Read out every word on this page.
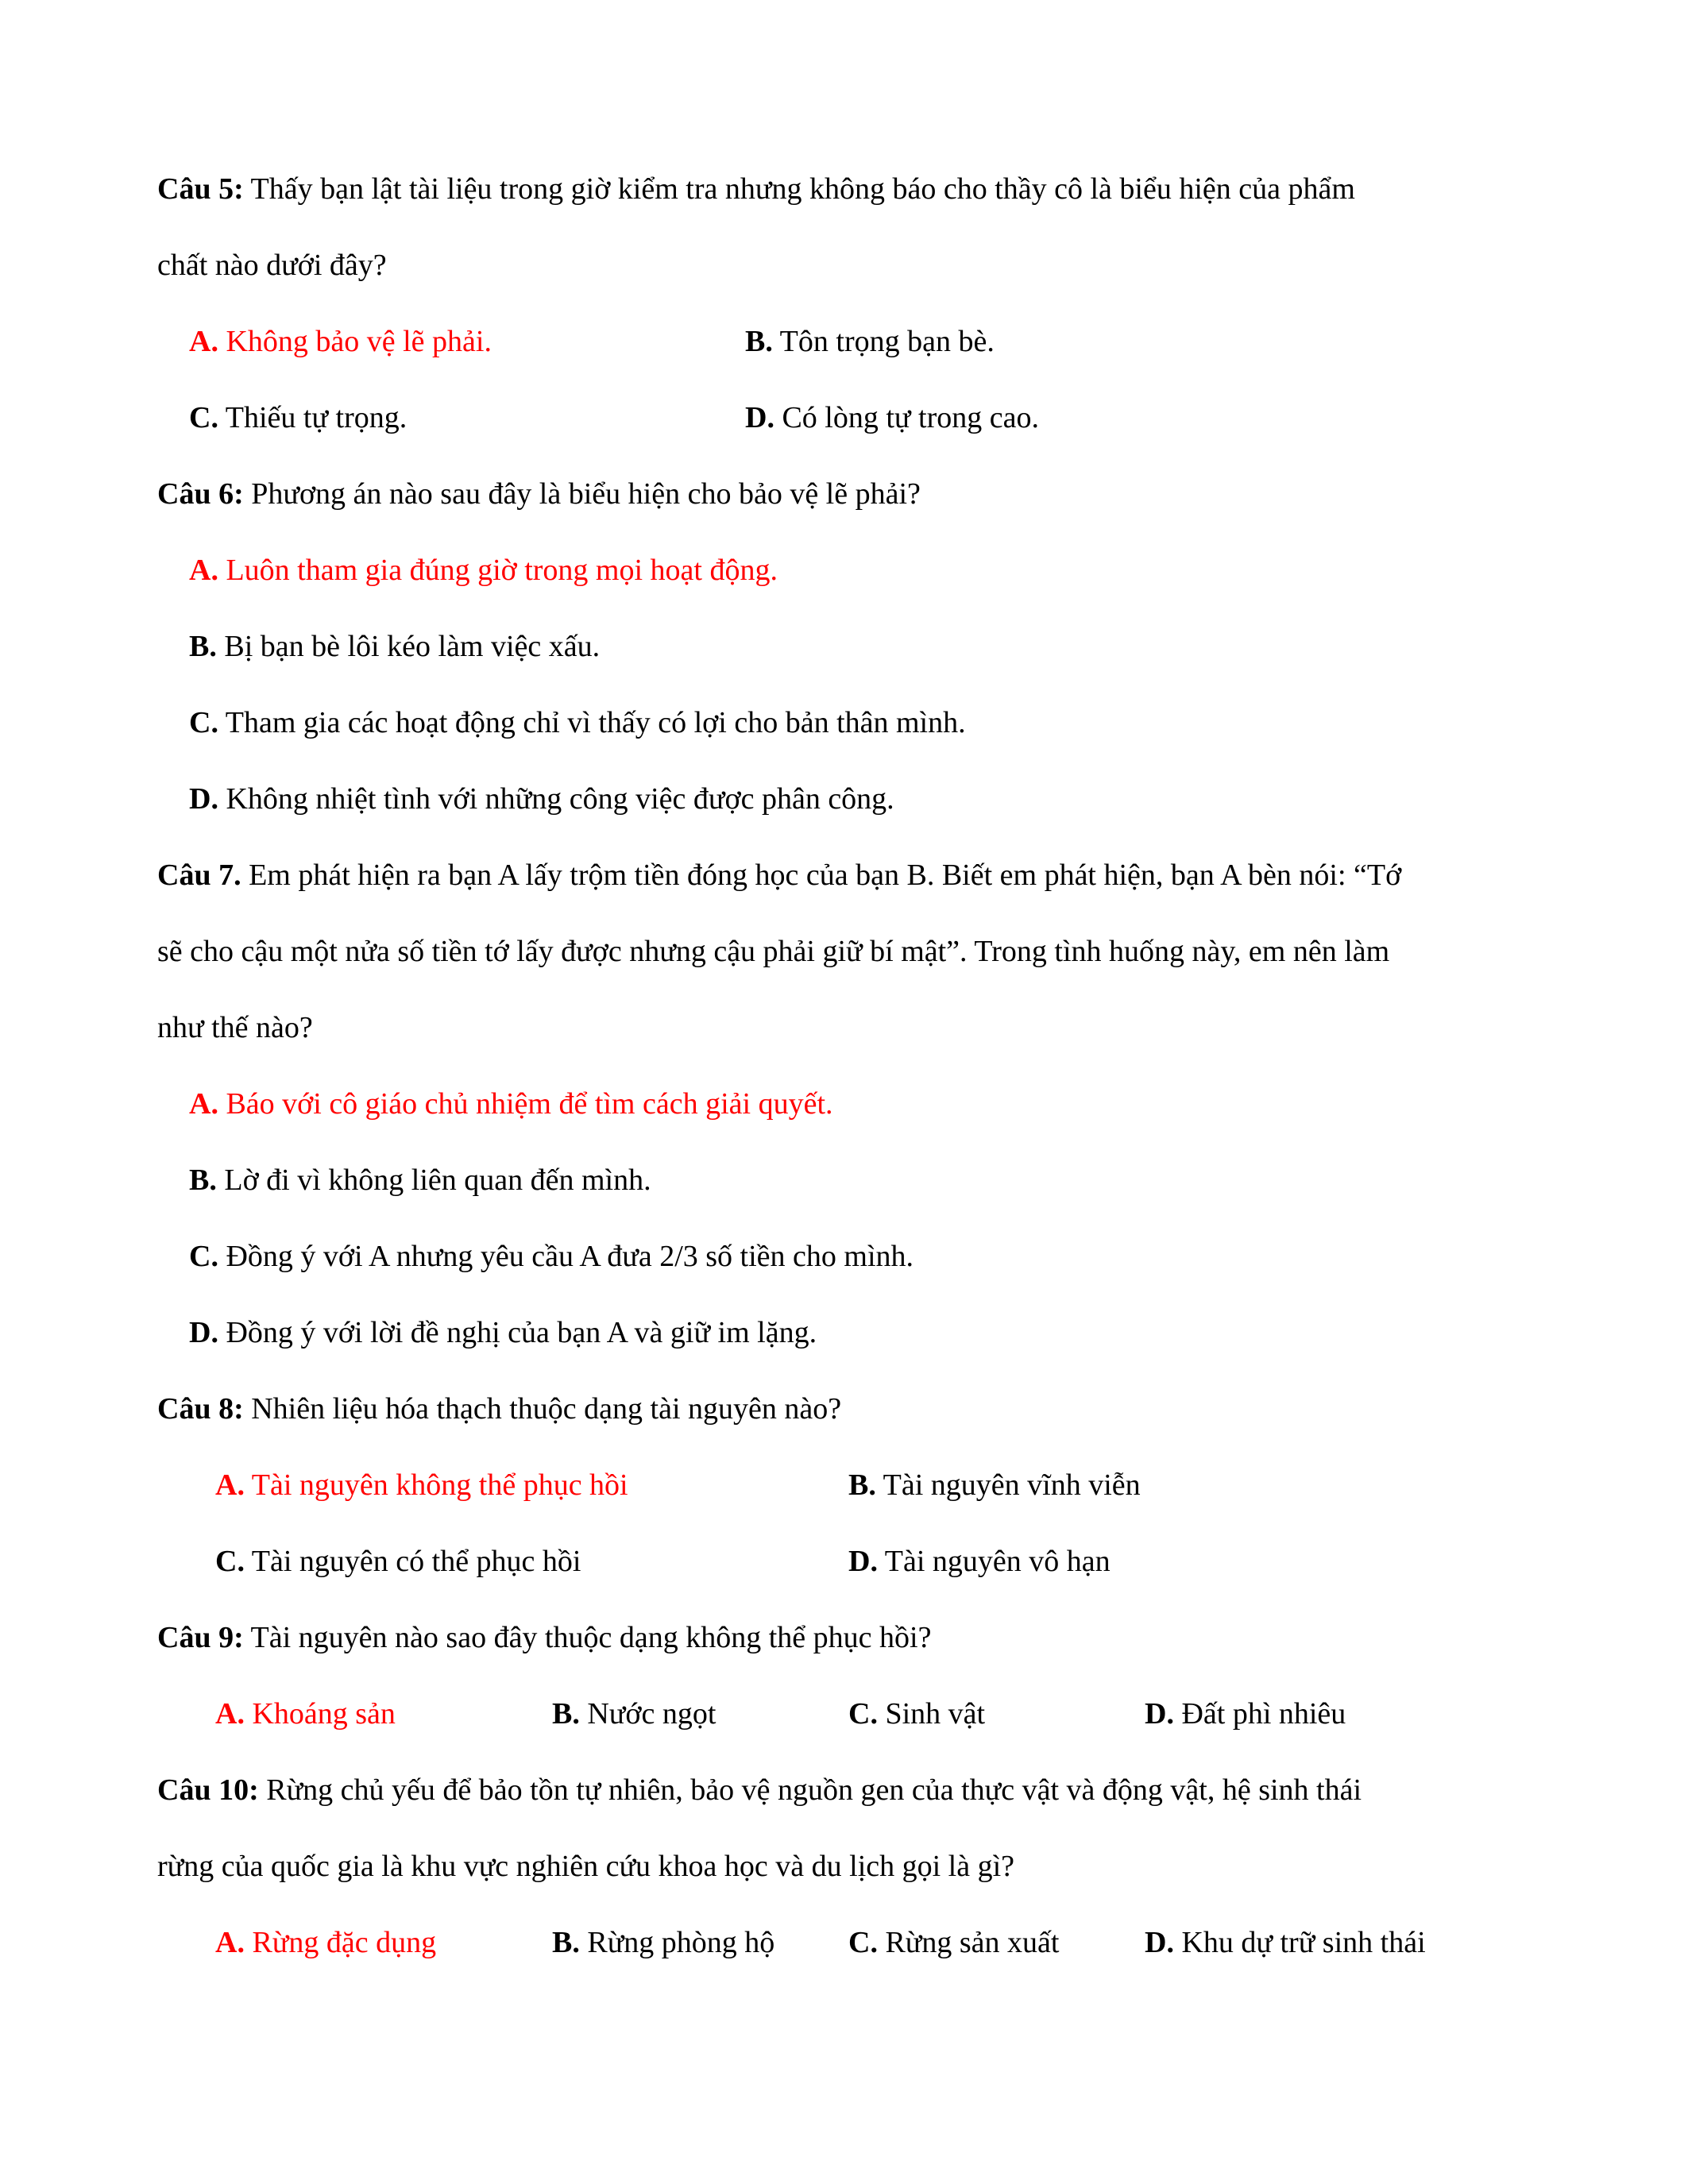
Câu 5: Thấy bạn lật tài liệu trong giờ kiểm tra nhưng không báo cho thầy cô là biểu hiện của phẩm
chất nào dưới đây?
A. Không bảo vệ lẽ phải.	B. Tôn trọng bạn bè.
C. Thiếu tự trọng.	D. Có lòng tự trong cao.
Câu 6: Phương án nào sau đây là biểu hiện cho bảo vệ lẽ phải?
A. Luôn tham gia đúng giờ trong mọi hoạt động.
B. Bị bạn bè lôi kéo làm việc xấu.
C. Tham gia các hoạt động chỉ vì thấy có lợi cho bản thân mình.
D. Không nhiệt tình với những công việc được phân công.
Câu 7. Em phát hiện ra bạn A lấy trộm tiền đóng học của bạn B. Biết em phát hiện, bạn A bèn nói: “Tớ
sẽ cho cậu một nửa số tiền tớ lấy được nhưng cậu phải giữ bí mật”. Trong tình huống này, em nên làm
như thế nào?
A. Báo với cô giáo chủ nhiệm để tìm cách giải quyết.
B. Lờ đi vì không liên quan đến mình.
C. Đồng ý với A nhưng yêu cầu A đưa 2/3 số tiền cho mình.
D. Đồng ý với lời đề nghị của bạn A và giữ im lặng.
Câu 8: Nhiên liệu hóa thạch thuộc dạng tài nguyên nào?
A. Tài nguyên không thể phục hồi	B. Tài nguyên vĩnh viễn
C. Tài nguyên có thể phục hồi	D. Tài nguyên vô hạn
Câu 9: Tài nguyên nào sao đây thuộc dạng không thể phục hồi?
A. Khoáng sản	B. Nước ngọt	C. Sinh vật	D. Đất phì nhiêu
Câu 10: Rừng chủ yếu để bảo tồn tự nhiên, bảo vệ nguồn gen của thực vật và động vật, hệ sinh thái
rừng của quốc gia là khu vực nghiên cứu khoa học và du lịch gọi là gì?
A. Rừng đặc dụng	B. Rừng phòng hộ C. Rừng sản xuất	D. Khu dự trữ sinh thái
